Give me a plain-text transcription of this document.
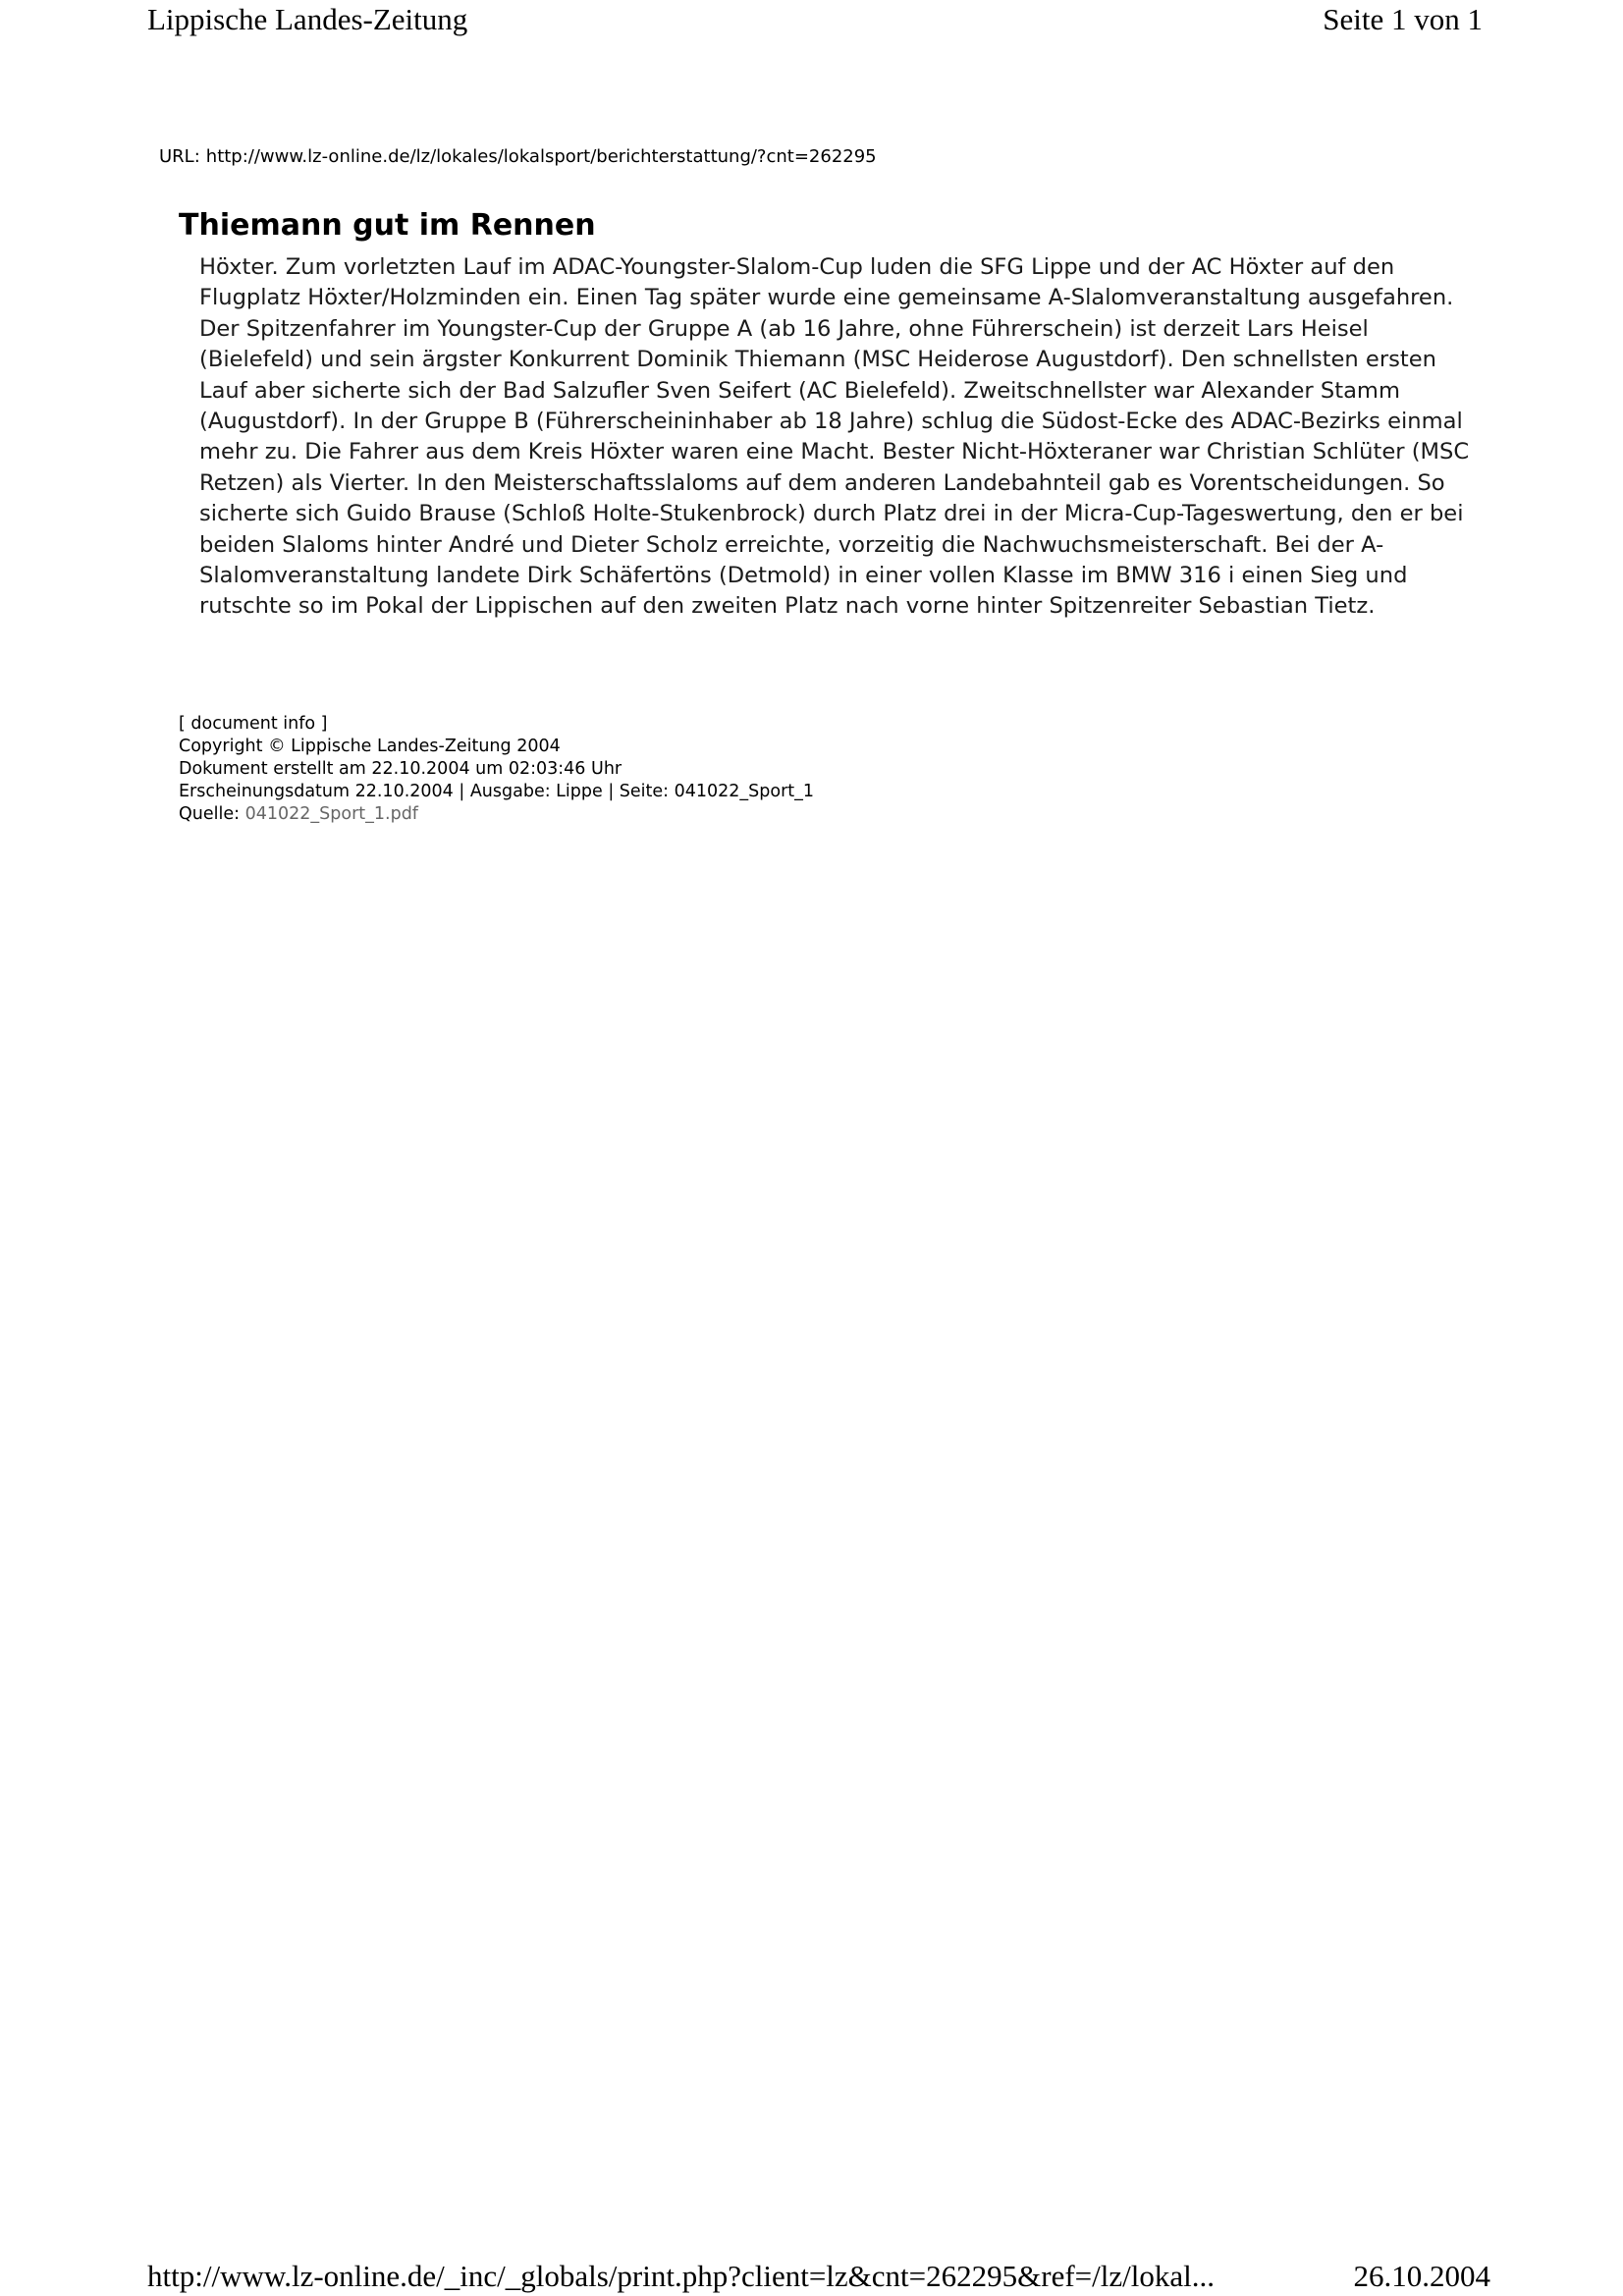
Lippische Landes-Zeitung	Seite 1 von 1
URL: http://www.lz-online.de/lz/lokales/lokalsport/berichterstattung/?cnt=262295
Thiemann gut im Rennen

Höxter. Zum vorletzten Lauf im ADAC-Youngster-Slalom-Cup luden die SFG Lippe und der AC Höxter auf den Flugplatz Höxter/Holzminden ein. Einen Tag später wurde eine gemeinsame A-Slalomveranstaltung ausgefahren. Der Spitzenfahrer im Youngster-Cup der Gruppe A (ab 16 Jahre, ohne Führerschein) ist derzeit Lars Heisel (Bielefeld) und sein ärgster Konkurrent Dominik Thiemann (MSC Heiderose Augustdorf). Den schnellsten ersten Lauf aber sicherte sich der Bad Salzufler Sven Seifert (AC Bielefeld). Zweitschnellster war Alexander Stamm (Augustdorf). In der Gruppe B (Führerscheininhaber ab 18 Jahre) schlug die Südost-Ecke des ADAC-Bezirks einmal mehr zu. Die Fahrer aus dem Kreis Höxter waren eine Macht. Bester Nicht-Höxteraner war Christian Schlüter (MSC Retzen) als Vierter. In den Meisterschaftsslaloms auf dem anderen Landebahnteil gab es Vorentscheidungen. So sicherte sich Guido Brause (Schloß Holte-Stukenbrock) durch Platz drei in der Micra-Cup-Tageswertung, den er bei beiden Slaloms hinter André und Dieter Scholz erreichte, vorzeitig die Nachwuchsmeisterschaft. Bei der A-Slalomveranstaltung landete Dirk Schäfertöns (Detmold) in einer vollen Klasse im BMW 316 i einen Sieg und rutschte so im Pokal der Lippischen auf den zweiten Platz nach vorne hinter Spitzenreiter Sebastian Tietz.

[ document info ]
Copyright © Lippische Landes-Zeitung 2004
Dokument erstellt am 22.10.2004 um 02:03:46 Uhr
Erscheinungsdatum 22.10.2004 | Ausgabe: Lippe | Seite: 041022_Sport_1
Quelle: 041022_Sport_1.pdf
http://www.lz-online.de/_inc/_globals/print.php?client=lz&cnt=262295&ref=/lz/lokal...	26.10.2004
